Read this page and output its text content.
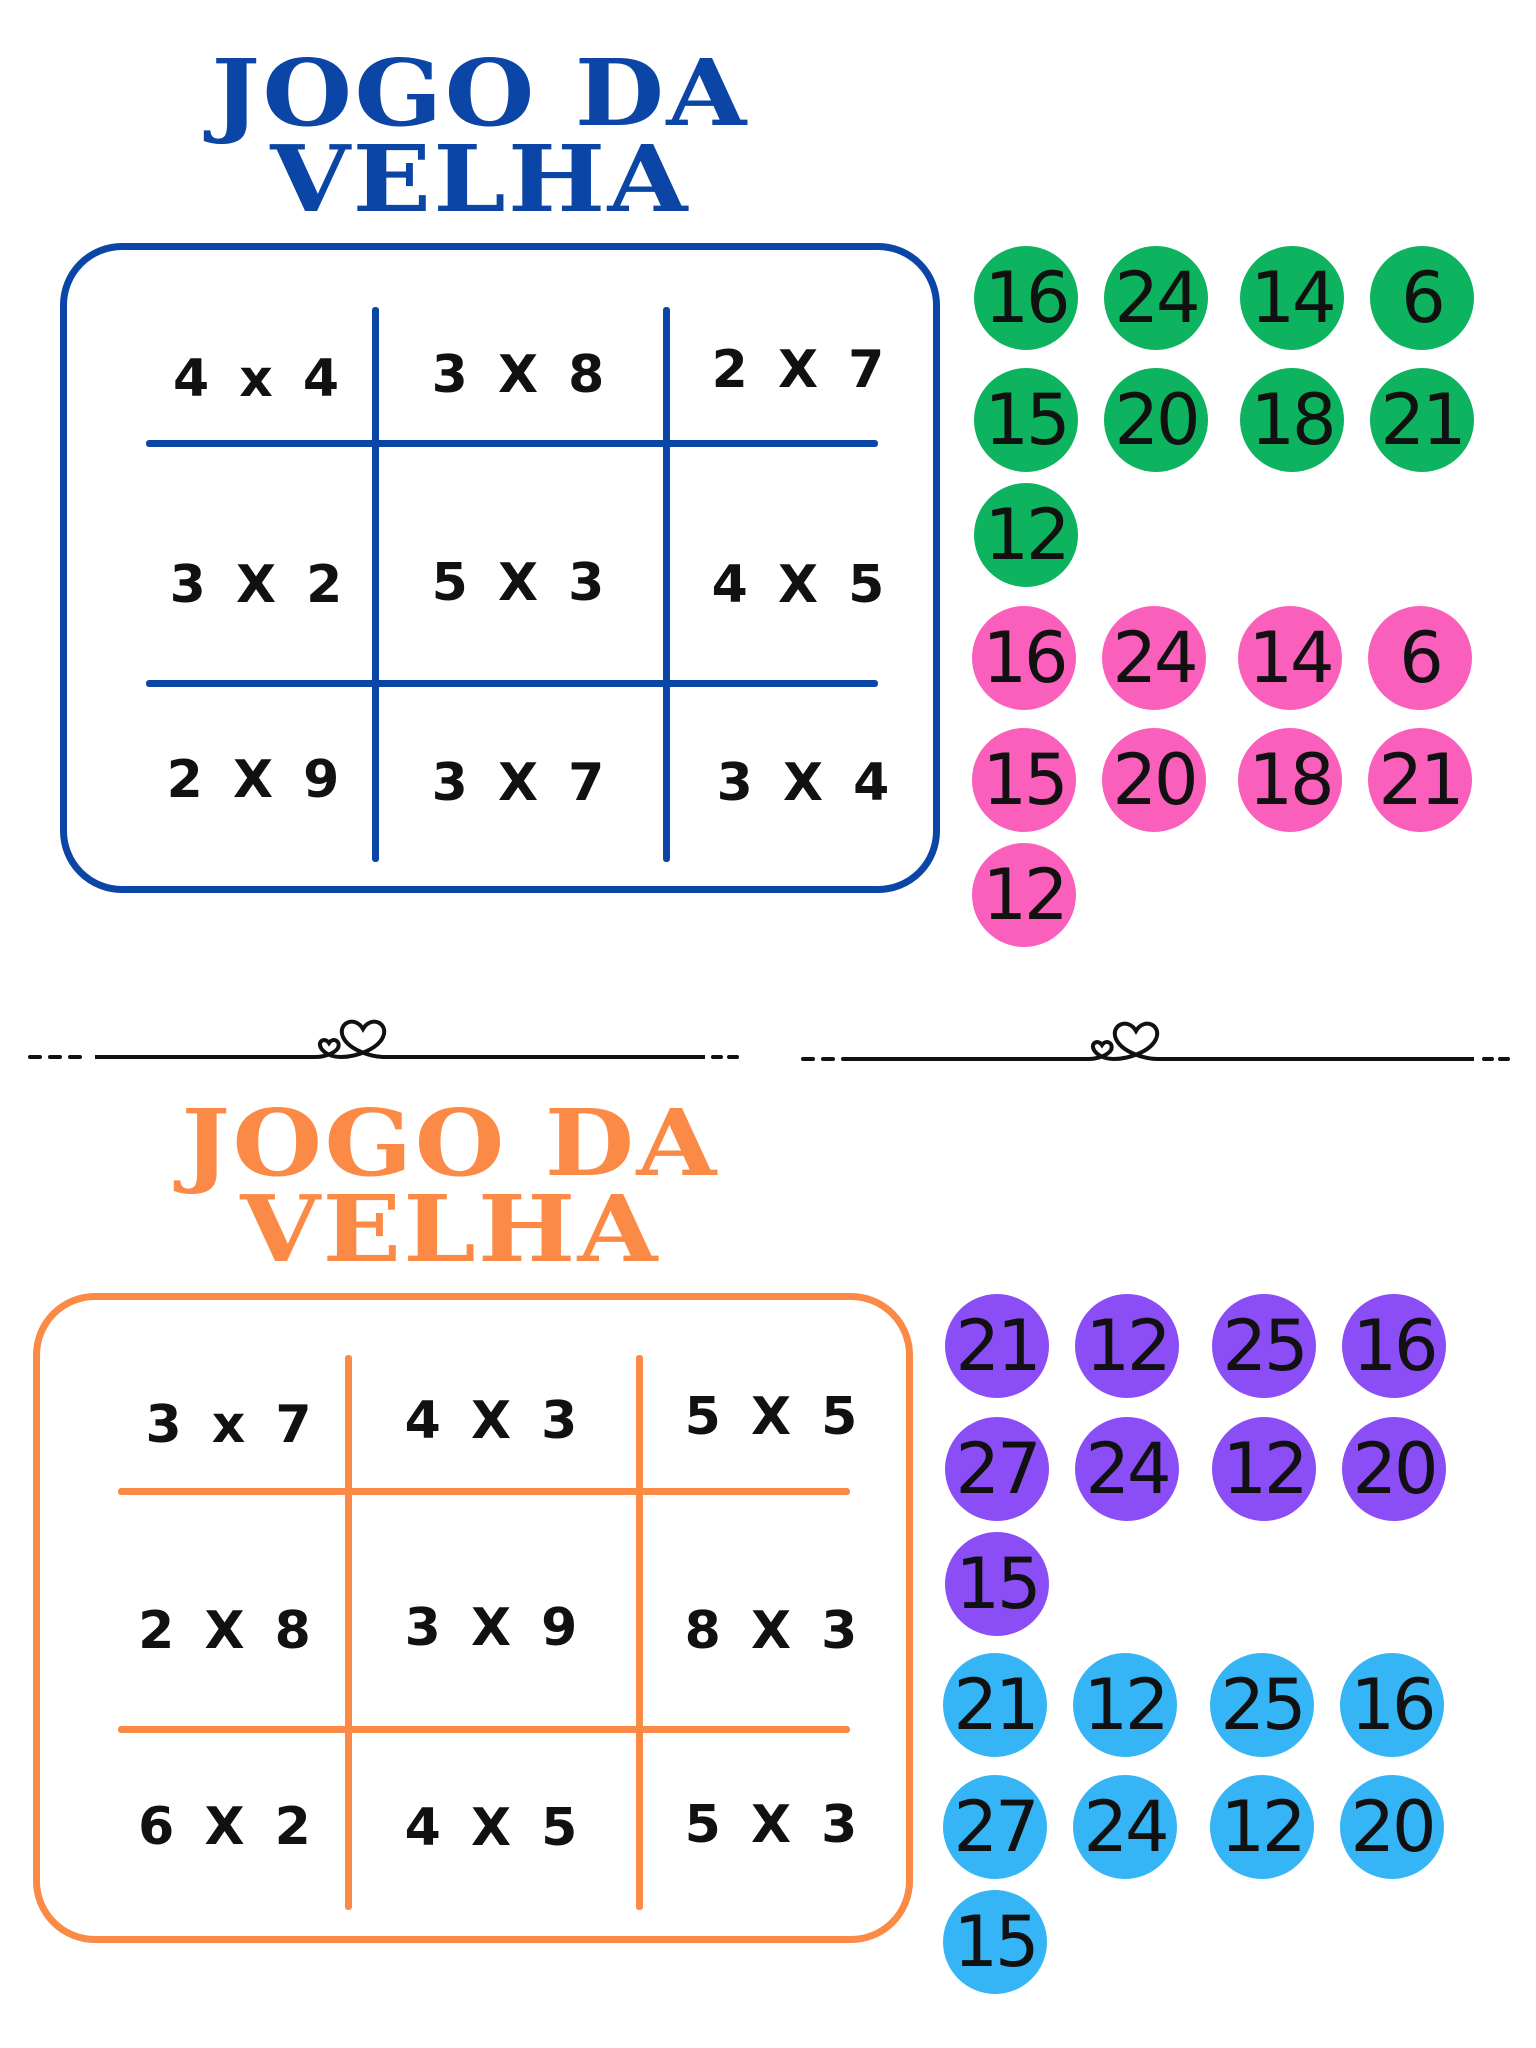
JOGO DA
VELHA
4 x 4	3 X 8	2 X 7
3 X 2	5 X 3	4 X 5
2 X 9	3 X 7	3 X 4
16 24 14 6
15 20 18 21
12
16 24 14 6
15 20 18 21
12
JOGO DA
VELHA
3 x 7	4 X 3	5 X 5
2 X 8	3 X 9	8 X 3
6 X 2	4 X 5	5 X 3
21 12 25 16
27 24 12 20
15
21 12 25 16
27 24 12 20
15
